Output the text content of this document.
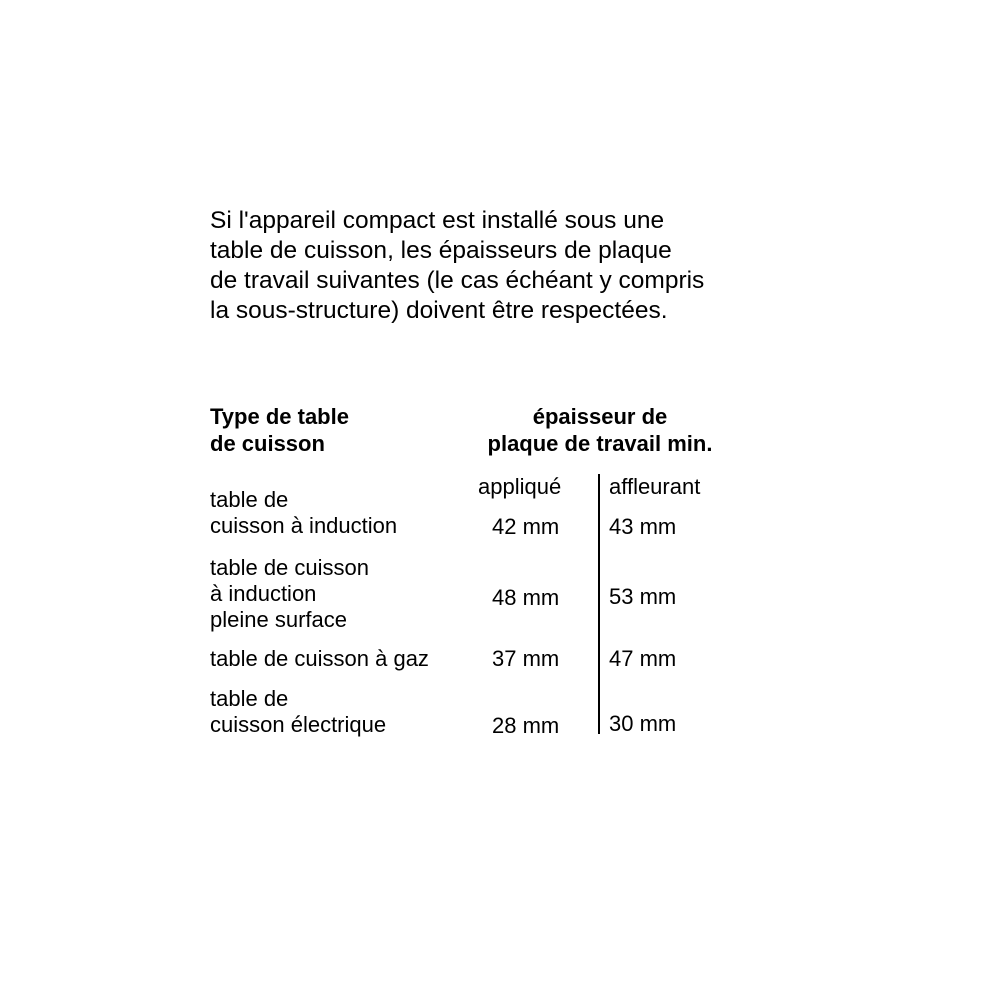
Si l'appareil compact est installé sous une
table de cuisson, les épaisseurs de plaque
de travail suivantes (le cas échéant y compris
la sous-structure) doivent être respectées.
Type de table
de cuisson
épaisseur de
plaque de travail min.
appliqué affleurant
table de
cuisson à induction	42 mm 43 mm
table de cuisson
à induction
pleine surface
48 mm 53 mm
table de cuisson à gaz	37 mm 47 mm
table de
cuisson électrique	28 mm 30 mm
